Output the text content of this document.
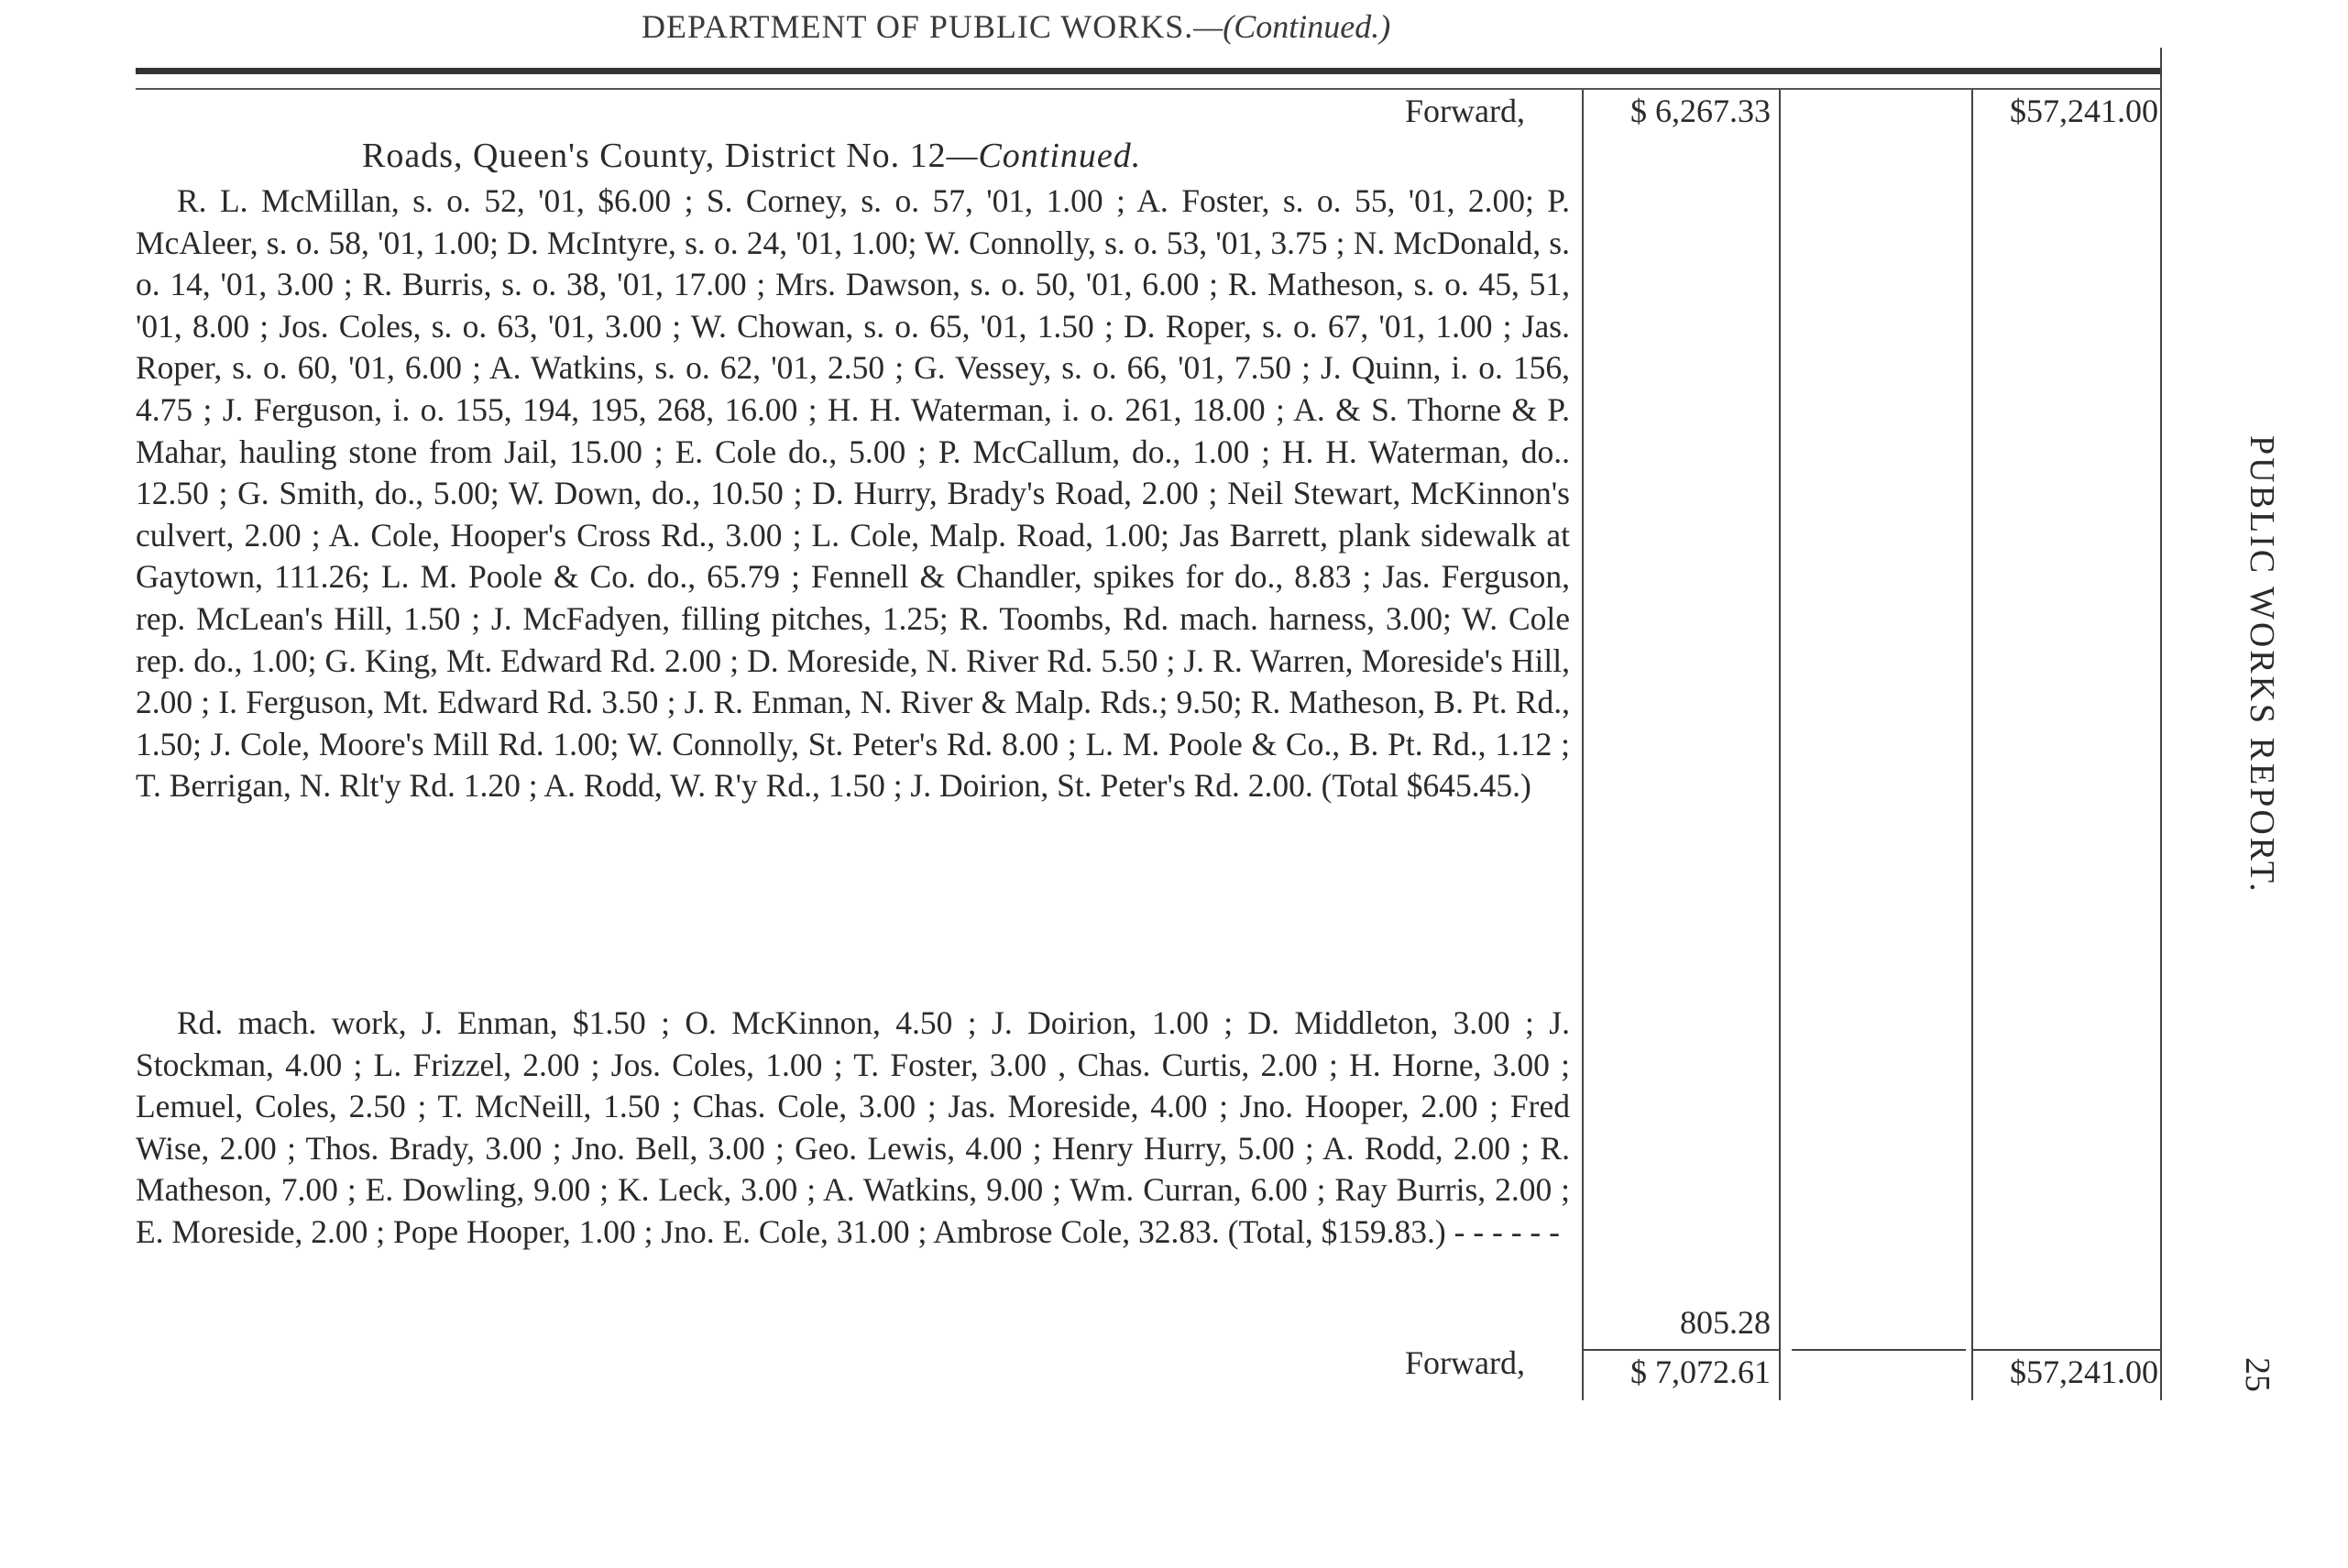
DEPARTMENT OF PUBLIC WORKS.—(Continued.)
Forward,	$ 6,267.33	$57,241.00
Roads, Queen's County, District No. 12—Continued.

R. L. McMillan, s. o. 52, '01, $6.00 ; S. Corney, s. o. 57, '01, 1.00 ; A. Foster, s. o. 55, '01, 2.00; P. McAleer, s. o. 58, '01, 1.00; D. McIntyre, s. o. 24, '01, 1.00; W. Connolly, s. o. 53, '01, 3.75 ; N. McDonald, s. o. 14, '01, 3.00 ; R. Burris, s. o. 38, '01, 17.00 ; Mrs. Dawson, s. o. 50, '01, 6.00 ; R. Matheson, s. o. 45, 51, '01, 8.00 ; Jos. Coles, s. o. 63, '01, 3.00 ; W. Chowan, s. o. 65, '01, 1.50 ; D. Roper, s. o. 67, '01, 1.00 ; Jas. Roper, s. o. 60, '01, 6.00 ; A. Watkins, s. o. 62, '01, 2.50 ; G. Vessey, s. o. 66, '01, 7.50 ; J. Quinn, i. o. 156, 4.75 ; J. Ferguson, i. o. 155, 194, 195, 268, 16.00 ; H. H. Waterman, i. o. 261, 18.00 ; A. & S. Thorne & P. Mahar, hauling stone from Jail, 15.00 ; E. Cole do., 5.00 ; P. McCallum, do., 1.00 ; H. H. Waterman, do.. 12.50 ; G. Smith, do., 5.00; W. Down, do., 10.50 ; D. Hurry, Brady's Road, 2.00 ; Neil Stewart, McKinnon's culvert, 2.00 ; A. Cole, Hooper's Cross Rd., 3.00 ; L. Cole, Malp. Road, 1.00; Jas Barrett, plank sidewalk at Gaytown, 111.26; L. M. Poole & Co. do., 65.79 ; Fennell & Chandler, spikes for do., 8.83 ; Jas. Ferguson, rep. McLean's Hill, 1.50 ; J. McFadyen, filling pitches, 1.25; R. Toombs, Rd. mach. harness, 3.00; W. Cole rep. do., 1.00; G. King, Mt. Edward Rd. 2.00 ; D. Moreside, N. River Rd. 5.50 ; J. R. Warren, Moreside's Hill, 2.00 ; I. Ferguson, Mt. Edward Rd. 3.50 ; J. R. Enman, N. River & Malp. Rds.; 9.50; R. Matheson, B. Pt. Rd., 1.50; J. Cole, Moore's Mill Rd. 1.00; W. Connolly, St. Peter's Rd. 8.00 ; L. M. Poole & Co., B. Pt. Rd., 1.12 ; T. Berrigan, N. Rlt'y Rd. 1.20 ; A. Rodd, W. R'y Rd., 1.50 ; J. Doirion, St. Peter's Rd. 2.00. (Total $645.45.)

Rd. mach. work, J. Enman, $1.50 ; O. McKinnon, 4.50 ; J. Doirion, 1.00 ; D. Middleton, 3.00 ; J. Stockman, 4.00 ; L. Frizzel, 2.00 ; Jos. Coles, 1.00 ; T. Foster, 3.00 , Chas. Curtis, 2.00 ; H. Horne, 3.00 ; Lemuel, Coles, 2.50 ; T. McNeill, 1.50 ; Chas. Cole, 3.00 ; Jas. Moreside, 4.00 ; Jno. Hooper, 2.00 ; Fred Wise, 2.00 ; Thos. Brady, 3.00 ; Jno. Bell, 3.00 ; Geo. Lewis, 4.00 ; Henry Hurry, 5.00 ; A. Rodd, 2.00 ; R. Matheson, 7.00 ; E. Dowling, 9.00 ; K. Leck, 3.00 ; A. Watkins, 9.00 ; Wm. Curran, 6.00 ; Ray Burris, 2.00 ; E. Moreside, 2.00 ; Pope Hooper, 1.00 ; Jno. E. Cole, 31.00 ; Ambrose Cole, 32.83. (Total, $159.83.) - - - - - -

805.28
Forward,	$ 7,072.61	$57,241.00
PUBLIC WORKS REPORT.
25
